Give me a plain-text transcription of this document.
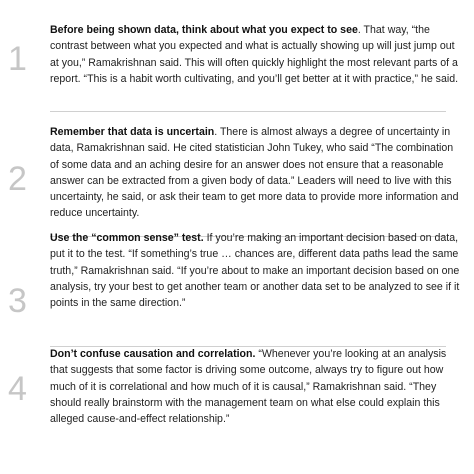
1

Before being shown data, think about what you expect to see. That way, “the contrast between what you expected and what is actually showing up will just jump out at you,” Ramakrishnan said. This will often quickly highlight the most relevant parts of a report. “This is a habit worth cultivating, and you’ll get better at it with practice,” he said.

2

Remember that data is uncertain. There is almost always a degree of uncertainty in data, Ramakrishnan said. He cited statistician John Tukey, who said “The combination of some data and an aching desire for an answer does not ensure that a reasonable answer can be extracted from a given body of data.” Leaders will need to live with this uncertainty, he said, or ask their team to get more data to provide more information and reduce uncertainty.

3

Use the “common sense” test. If you’re making an important decision based on data, put it to the test. “If something’s true … chances are, different data paths lead the same truth,” Ramakrishnan said. “If you’re about to make an important decision based on one analysis, try your best to get another team or another data set to be analyzed to see if it points in the same direction.”

4

Don’t confuse causation and correlation. “Whenever you’re looking at an analysis that suggests that some factor is driving some outcome, always try to figure out how much of it is correlational and how much of it is causal,” Ramakrishnan said. “They should really brainstorm with the management team on what else could explain this alleged cause-and-effect relationship.”
